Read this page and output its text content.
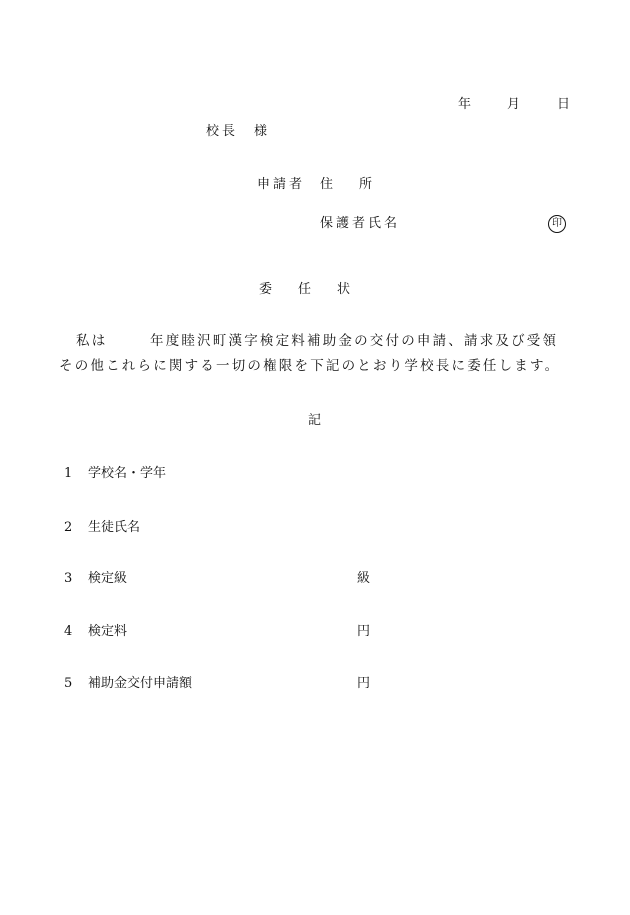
年	月	日
校長　様
申請者 住　　所
保護者氏名	印
委　　任　　状
私は	年度睦沢町漢字検定料補助金の交付の申請、請求及び受領
その他これらに関する一切の権限を下記のとおり学校長に委任します。
記
1 学校名・学年
2 生徒氏名
3 検定級	級
4 検定料	円
5 補助金交付申請額	円
